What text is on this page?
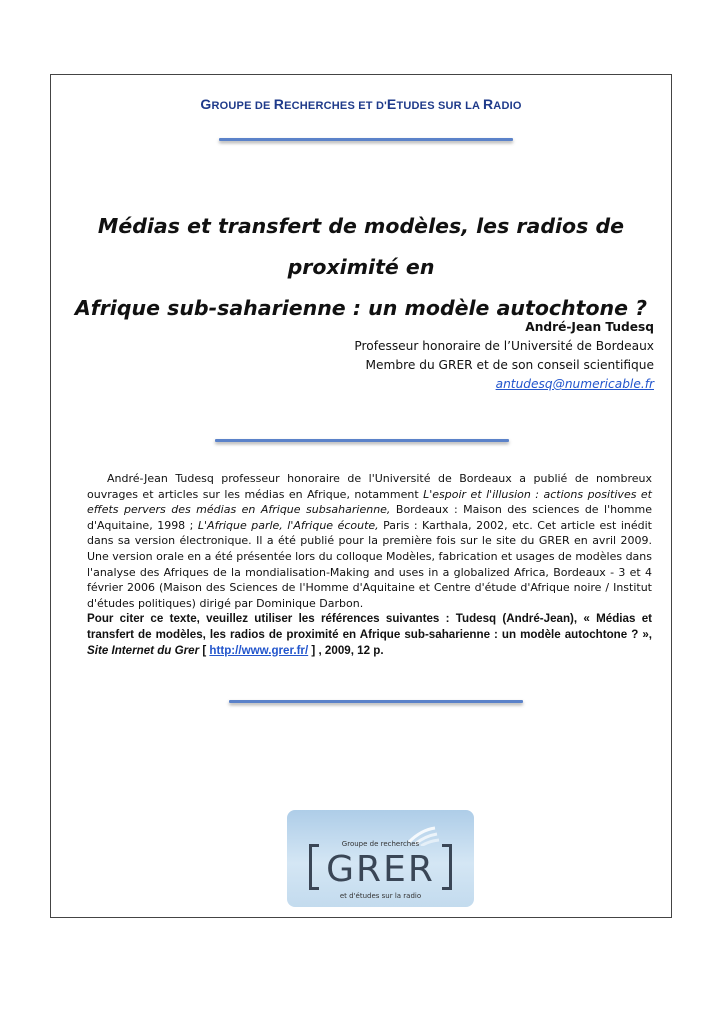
GROUPE DE RECHERCHES ET D'ETUDES SUR LA RADIO
Médias et transfert de modèles, les radios de proximité en
Afrique sub-saharienne : un modèle autochtone ?
André-Jean Tudesq
Professeur honoraire de l’Université de Bordeaux
Membre du GRER et de son conseil scientifique
antudesq@numericable.fr

André-Jean Tudesq professeur honoraire de l'Université de Bordeaux a publié de nombreux ouvrages et articles sur les médias en Afrique, notamment L'espoir et l'illusion : actions positives et effets pervers des médias en Afrique subsaharienne, Bordeaux : Maison des sciences de l'homme d'Aquitaine, 1998 ; L'Afrique parle, l'Afrique écoute, Paris : Karthala, 2002, etc. Cet article est inédit dans sa version électronique. Il a été publié pour la première fois sur le site du GRER en avril 2009. Une version orale en a été présentée lors du colloque Modèles, fabrication et usages de modèles dans l'analyse des Afriques de la mondialisation-Making and uses in a globalized Africa, Bordeaux - 3 et 4 février 2006 (Maison des Sciences de l'Homme d'Aquitaine et Centre d'étude d'Afrique noire / Institut d'études politiques) dirigé par Dominique Darbon.

Pour citer ce texte, veuillez utiliser les références suivantes : Tudesq (André-Jean), « Médias et transfert de modèles, les radios de proximité en Afrique sub-saharienne : un modèle autochtone ? », Site Internet du Grer [ http://www.grer.fr/ ] , 2009, 12 p.

Groupe de recherches
GRER
et d'études sur la radio
